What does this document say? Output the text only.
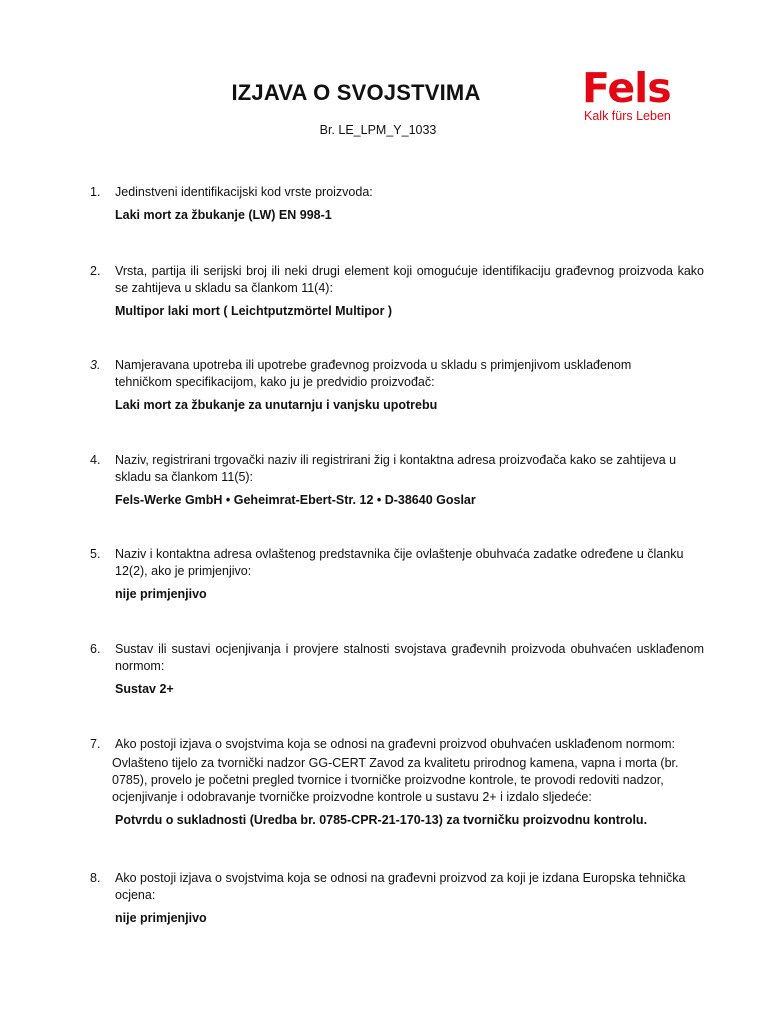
IZJAVA O SVOJSTVIMA
Br. LE_LPM_Y_1033
Fels
Kalk fürs Leben
1.	Jedinstveni identifikacijski kod vrste proizvoda:
Laki mort za žbukanje (LW) EN 998-1
2.	Vrsta, partija ili serijski broj ili neki drugi element koji omogućuje identifikaciju građevnog proizvoda kako se zahtijeva u skladu sa člankom 11(4):
Multipor laki mort ( Leichtputzmörtel Multipor )
3.	Namjeravana upotreba ili upotrebe građevnog proizvoda u skladu s primjenjivom usklađenom tehničkom specifikacijom, kako ju je predvidio proizvođač:
Laki mort za žbukanje za unutarnju i vanjsku upotrebu
4.	Naziv, registrirani trgovački naziv ili registrirani žig i kontaktna adresa proizvođača kako se zahtijeva u skladu sa člankom 11(5):
Fels-Werke GmbH • Geheimrat-Ebert-Str. 12 • D-38640 Goslar
5.	Naziv i kontaktna adresa ovlaštenog predstavnika čije ovlaštenje obuhvaća zadatke određene u članku 12(2), ako je primjenjivo:
nije primjenjivo
6.	Sustav ili sustavi ocjenjivanja i provjere stalnosti svojstava građevnih proizvoda obuhvaćen usklađenom normom:
Sustav 2+
7.	Ako postoji izjava o svojstvima koja se odnosi na građevni proizvod obuhvaćen usklađenom normom:
Ovlašteno tijelo za tvornički nadzor GG-CERT Zavod za kvalitetu prirodnog kamena, vapna i morta (br. 0785), provelo je početni pregled tvornice i tvorničke proizvodne kontrole, te provodi redoviti nadzor, ocjenjivanje i odobravanje tvorničke proizvodne kontrole u sustavu 2+ i izdalo sljedeće:
Potvrdu o sukladnosti (Uredba br. 0785-CPR-21-170-13) za tvorničku proizvodnu kontrolu.
8.	Ako postoji izjava o svojstvima koja se odnosi na građevni proizvod za koji je izdana Europska tehnička ocjena:
nije primjenjivo
